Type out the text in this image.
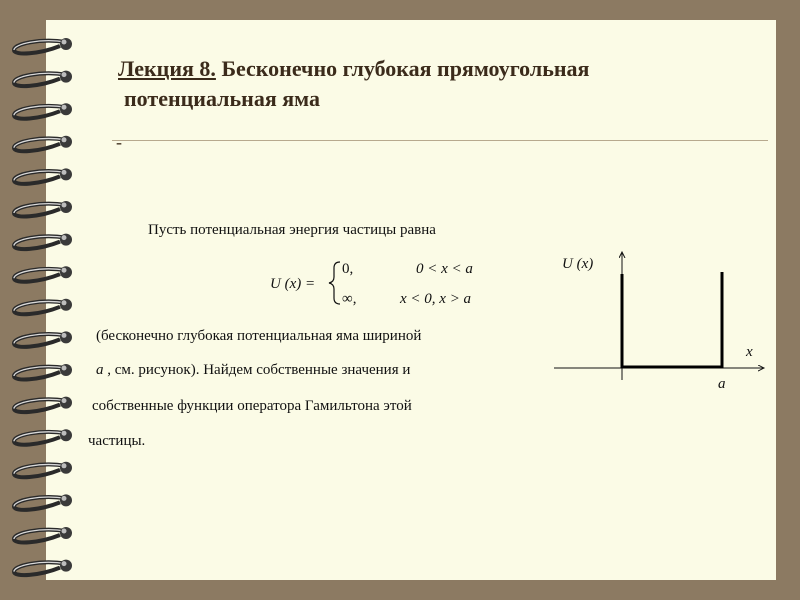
Лекция 8. Бесконечно глубокая прямоугольная
потенциальная яма
-
Пусть потенциальная энергия частицы равна
U (x) =
0,	0 < x < a
∞,	x < 0, x > a
(бесконечно глубокая потенциальная яма шириной
a , см. рисунок). Найдем собственные значения и
собственные функции оператора Гамильтона этой
частицы.
U (x)
x
a
